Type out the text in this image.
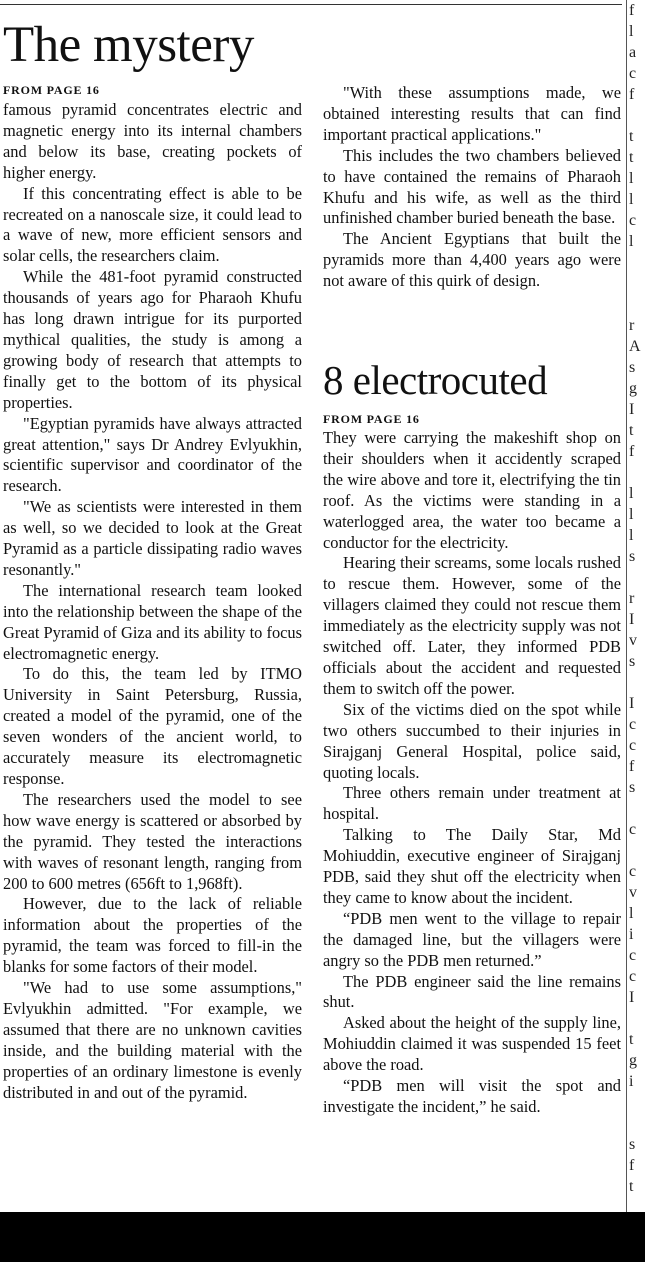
The mystery
FROM PAGE 16

famous pyramid concentrates electric and magnetic energy into its internal chambers and below its base, creating pockets of higher energy.

If this concentrating effect is able to be recreated on a nanoscale size, it could lead to a wave of new, more efficient sensors and solar cells, the researchers claim.

While the 481-foot pyramid constructed thousands of years ago for Pharaoh Khufu has long drawn intrigue for its purported mythical qualities, the study is among a growing body of research that attempts to finally get to the bottom of its physical properties.

"Egyptian pyramids have always attracted great attention," says Dr Andrey Evlyukhin, scientific supervisor and coordinator of the research.

"We as scientists were interested in them as well, so we decided to look at the Great Pyramid as a particle dissipating radio waves resonantly."

The international research team looked into the relationship between the shape of the Great Pyramid of Giza and its ability to focus electromagnetic energy.

To do this, the team led by ITMO University in Saint Petersburg, Russia, created a model of the pyramid, one of the seven wonders of the ancient world, to accurately measure its electromagnetic response.

The researchers used the model to see how wave energy is scattered or absorbed by the pyramid. They tested the interactions with waves of resonant length, ranging from 200 to 600 metres (656ft to 1,968ft).

However, due to the lack of reliable information about the properties of the pyramid, the team was forced to fill-in the blanks for some factors of their model.

"We had to use some assumptions," Evlyukhin admitted. "For example, we assumed that there are no unknown cavities inside, and the building material with the properties of an ordinary limestone is evenly distributed in and out of the pyramid.

"With these assumptions made, we obtained interesting results that can find important practical applications."

This includes the two chambers believed to have contained the remains of Pharaoh Khufu and his wife, as well as the third unfinished chamber buried beneath the base.

The Ancient Egyptians that built the pyramids more than 4,400 years ago were not aware of this quirk of design.

8 electrocuted
FROM PAGE 16

They were carrying the makeshift shop on their shoulders when it accidently scraped the wire above and tore it, electrifying the tin roof. As the victims were standing in a waterlogged area, the water too became a conductor for the electricity.

Hearing their screams, some locals rushed to rescue them. However, some of the villagers claimed they could not rescue them immediately as the electricity supply was not switched off. Later, they informed PDB officials about the accident and requested them to switch off the power.

Six of the victims died on the spot while two others succumbed to their injuries in Sirajganj General Hospital, police said, quoting locals.

Three others remain under treatment at hospital.

Talking to The Daily Star, Md Mohiuddin, executive engineer of Sirajganj PDB, said they shut off the electricity when they came to know about the incident.

“PDB men went to the village to repair the damaged line, but the villagers were angry so the PDB men returned.”

The PDB engineer said the line remains shut.

Asked about the height of the supply line, Mohiuddin claimed it was suspended 15 feet above the road.

“PDB men will visit the spot and investigate the incident,” he said.

f
l
a
c
f

t
t
l
l
c
l

r
A
s
g
I
t
f

l
l
l
s

r
I
v
s

I
c
c
f
s

c

c
v
l
i
c
c
I

t
g
i

s
f
t
